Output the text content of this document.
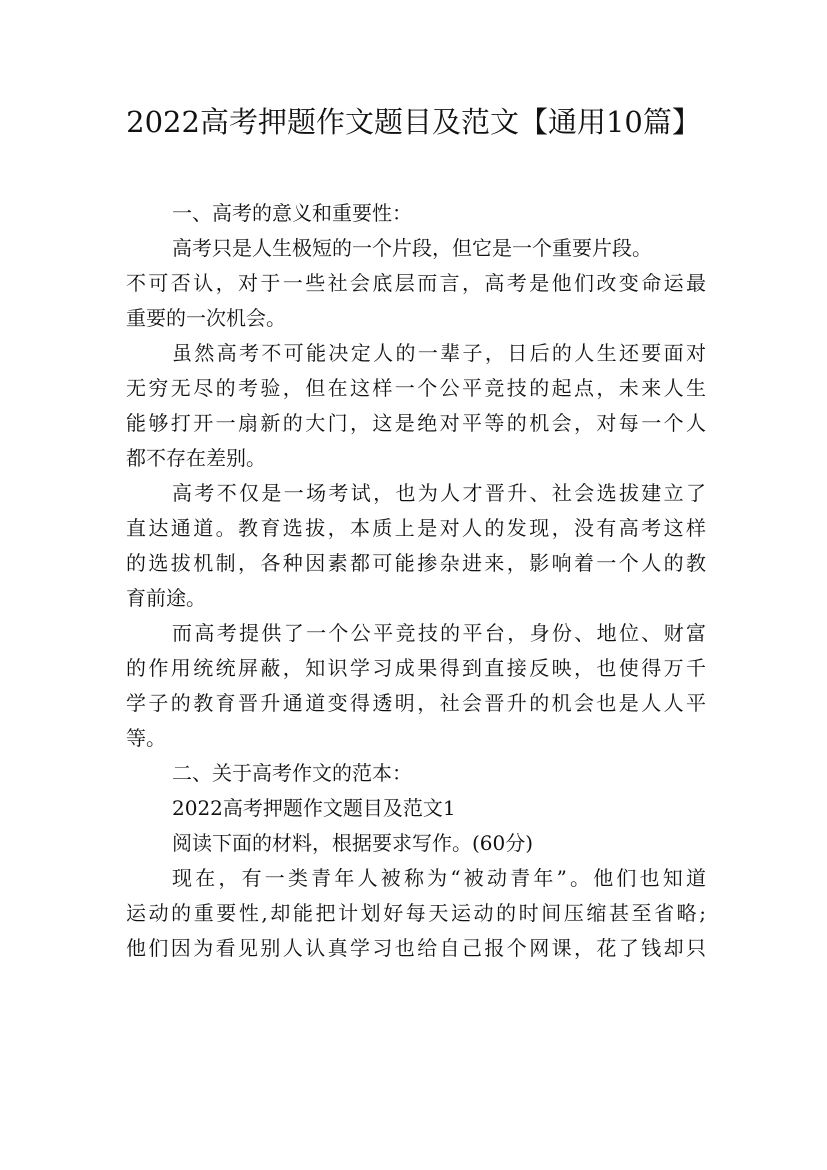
2022高考押题作文题目及范文【通用10篇】
一、高考的意义和重要性：
高考只是人生极短的一个片段，但它是一个重要片段。
不可否认，对于一些社会底层而言，高考是他们改变命运最
重要的一次机会。
虽然高考不可能决定人的一辈子，日后的人生还要面对
无穷无尽的考验，但在这样一个公平竞技的起点，未来人生
能够打开一扇新的大门，这是绝对平等的机会，对每一个人
都不存在差别。
高考不仅是一场考试，也为人才晋升、社会选拔建立了
直达通道。教育选拔，本质上是对人的发现，没有高考这样
的选拔机制，各种因素都可能掺杂进来，影响着一个人的教
育前途。
而高考提供了一个公平竞技的平台，身份、地位、财富
的作用统统屏蔽，知识学习成果得到直接反映，也使得万千
学子的教育晋升通道变得透明，社会晋升的机会也是人人平
等。
二、关于高考作文的范本：
2022高考押题作文题目及范文1
阅读下面的材料，根据要求写作。(60分)
现在，有一类青年人被称为“被动青年”。他们也知道
运动的重要性,却能把计划好每天运动的时间压缩甚至省略;
他们因为看见别人认真学习也给自己报个网课，花了钱却只
